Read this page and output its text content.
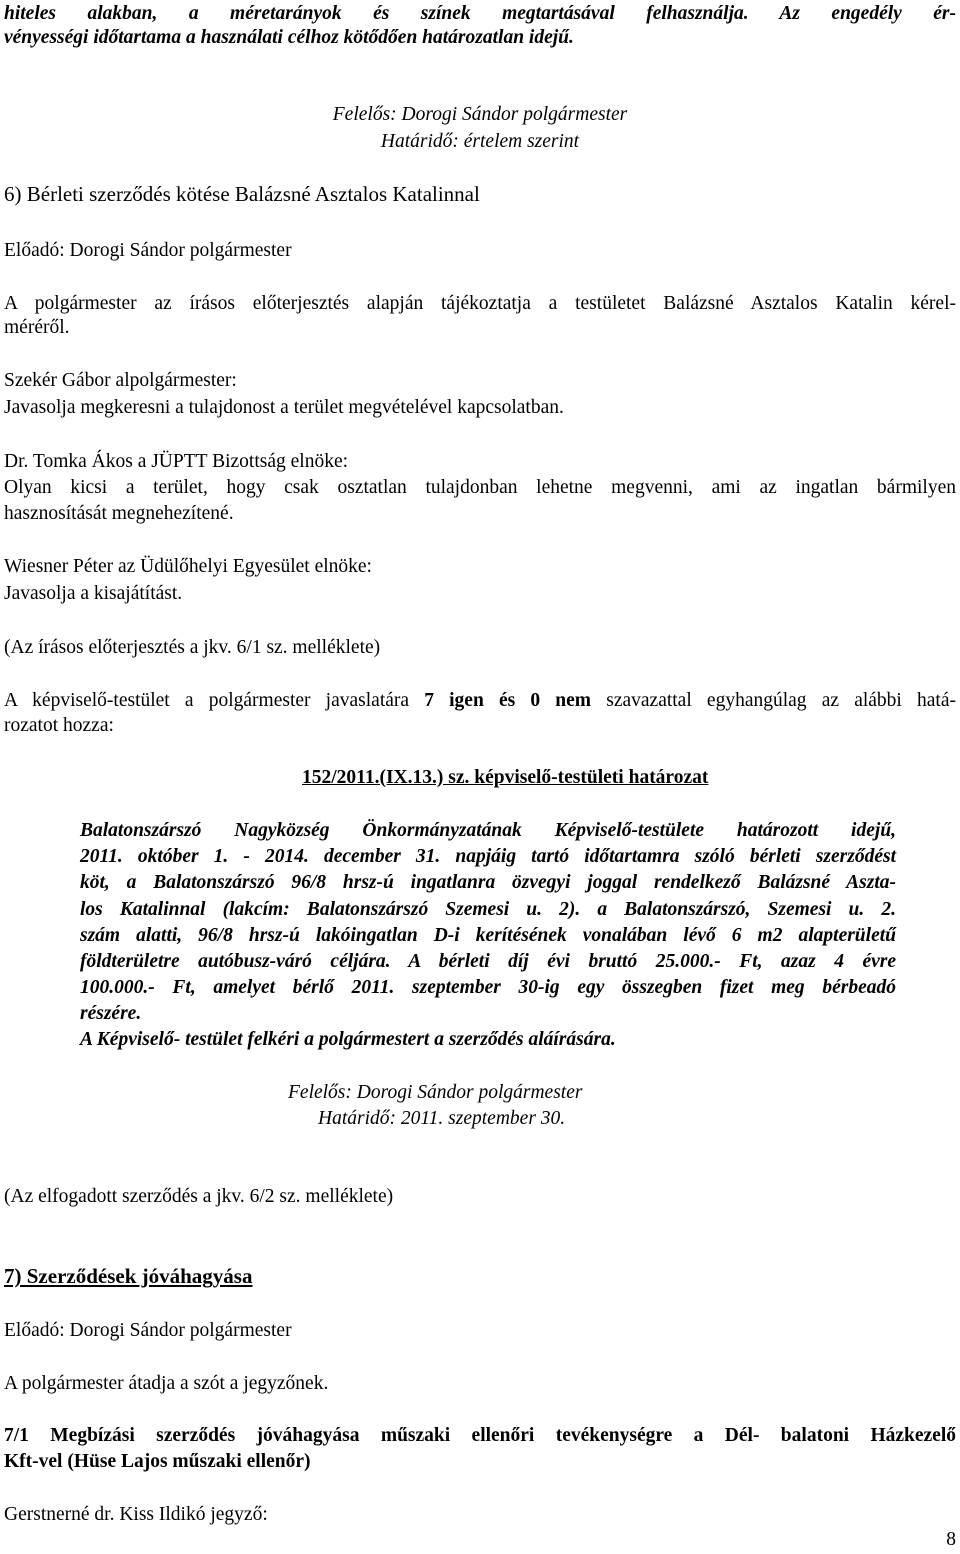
hiteles alakban, a méretarányok és színek megtartásával felhasználja. Az engedély ér-
vényességi időtartama a használati célhoz kötődően határozatlan idejű.
Felelős: Dorogi Sándor polgármester
Határidő: értelem szerint
6) Bérleti szerződés kötése Balázsné Asztalos Katalinnal
Előadó: Dorogi Sándor polgármester
A polgármester az írásos előterjesztés alapján tájékoztatja a testületet Balázsné Asztalos Katalin kérel-
méréről.
Szekér Gábor alpolgármester:
Javasolja megkeresni a tulajdonost a terület megvételével kapcsolatban.
Dr. Tomka Ákos a JÜPTT Bizottság elnöke:
Olyan kicsi a terület, hogy csak osztatlan tulajdonban lehetne megvenni, ami az ingatlan bármilyen
hasznosítását megnehezítené.
Wiesner Péter az Üdülőhelyi Egyesület elnöke:
Javasolja a kisajátítást.
(Az írásos előterjesztés a jkv. 6/1 sz. melléklete)
A képviselő-testület a polgármester javaslatára 7 igen és 0 nem szavazattal egyhangúlag az alábbi hatá-
rozatot hozza:
152/2011.(IX.13.) sz. képviselő-testületi határozat
Balatonszárszó Nagyközség Önkormányzatának Képviselő-testülete határozott idejű,
2011. október 1. - 2014. december 31. napjáig tartó időtartamra szóló bérleti szerződést
köt, a Balatonszárszó 96/8 hrsz-ú ingatlanra özvegyi joggal rendelkező Balázsné Aszta-
los Katalinnal (lakcím: Balatonszárszó Szemesi u. 2). a Balatonszárszó, Szemesi u. 2.
szám alatti, 96/8 hrsz-ú lakóingatlan D-i kerítésének vonalában lévő 6 m2 alapterületű
földterületre autóbusz-váró céljára. A bérleti díj évi bruttó 25.000.- Ft, azaz 4 évre
100.000.- Ft, amelyet bérlő 2011. szeptember 30-ig egy összegben fizet meg bérbeadó
részére.
A Képviselő- testület felkéri a polgármestert a szerződés aláírására.
Felelős: Dorogi Sándor polgármester
Határidő: 2011. szeptember 30.
(Az elfogadott szerződés a jkv. 6/2 sz. melléklete)
7) Szerződések jóváhagyása
Előadó: Dorogi Sándor polgármester
A polgármester átadja a szót a jegyzőnek.
7/1 Megbízási szerződés jóváhagyása műszaki ellenőri tevékenységre a Dél- balatoni Házkezelő
Kft-vel (Hüse Lajos műszaki ellenőr)
Gerstnerné dr. Kiss Ildikó jegyző:
8
